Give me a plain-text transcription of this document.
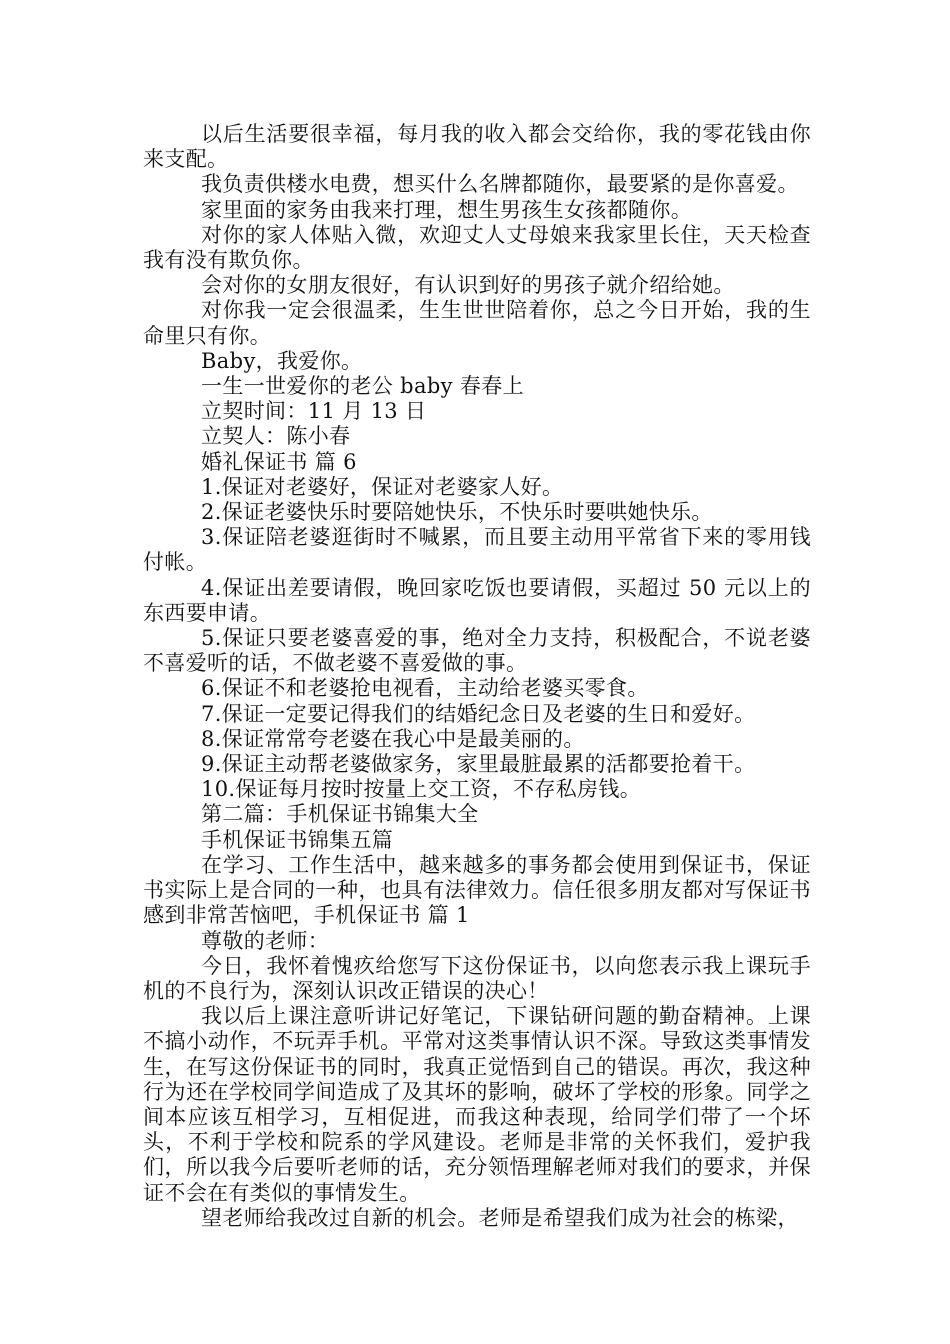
以后生活要很幸福，每月我的收入都会交给你，我的零花钱由你来支配。

我负责供楼水电费，想买什么名牌都随你，最要紧的是你喜爱。

家里面的家务由我来打理，想生男孩生女孩都随你。

对你的家人体贴入微，欢迎丈人丈母娘来我家里长住，天天检查我有没有欺负你。

会对你的女朋友很好，有认识到好的男孩子就介绍给她。

对你我一定会很温柔，生生世世陪着你，总之今日开始，我的生命里只有你。

Baby，我爱你。

一生一世爱你的老公 baby 春春上

立契时间：11 月 13 日

立契人：陈小春

婚礼保证书 篇 6

1.保证对老婆好，保证对老婆家人好。

2.保证老婆快乐时要陪她快乐，不快乐时要哄她快乐。

3.保证陪老婆逛街时不喊累，而且要主动用平常省下来的零用钱付帐。

4.保证出差要请假，晚回家吃饭也要请假，买超过 50 元以上的东西要申请。

5.保证只要老婆喜爱的事，绝对全力支持，积极配合，不说老婆不喜爱听的话，不做老婆不喜爱做的事。

6.保证不和老婆抢电视看，主动给老婆买零食。

7.保证一定要记得我们的结婚纪念日及老婆的生日和爱好。

8.保证常常夸老婆在我心中是最美丽的。

9.保证主动帮老婆做家务，家里最脏最累的活都要抢着干。

10.保证每月按时按量上交工资，不存私房钱。

第二篇：手机保证书锦集大全

手机保证书锦集五篇

在学习、工作生活中，越来越多的事务都会使用到保证书，保证书实际上是合同的一种，也具有法律效力。信任很多朋友都对写保证书感到非常苦恼吧，手机保证书 篇 1

尊敬的老师：

今日，我怀着愧疚给您写下这份保证书，以向您表示我上课玩手机的不良行为，深刻认识改正错误的决心！

我以后上课注意听讲记好笔记，下课钻研问题的勤奋精神。上课不搞小动作，不玩弄手机。平常对这类事情认识不深。导致这类事情发生，在写这份保证书的同时，我真正觉悟到自己的错误。再次，我这种行为还在学校同学间造成了及其坏的影响，破坏了学校的形象。同学之间本应该互相学习，互相促进，而我这种表现，给同学们带了一个坏头，不利于学校和院系的学风建设。老师是非常的关怀我们，爱护我们，所以我今后要听老师的话，充分领悟理解老师对我们的要求，并保证不会在有类似的事情发生。

望老师给我改过自新的机会。老师是希望我们成为社会的栋梁，
